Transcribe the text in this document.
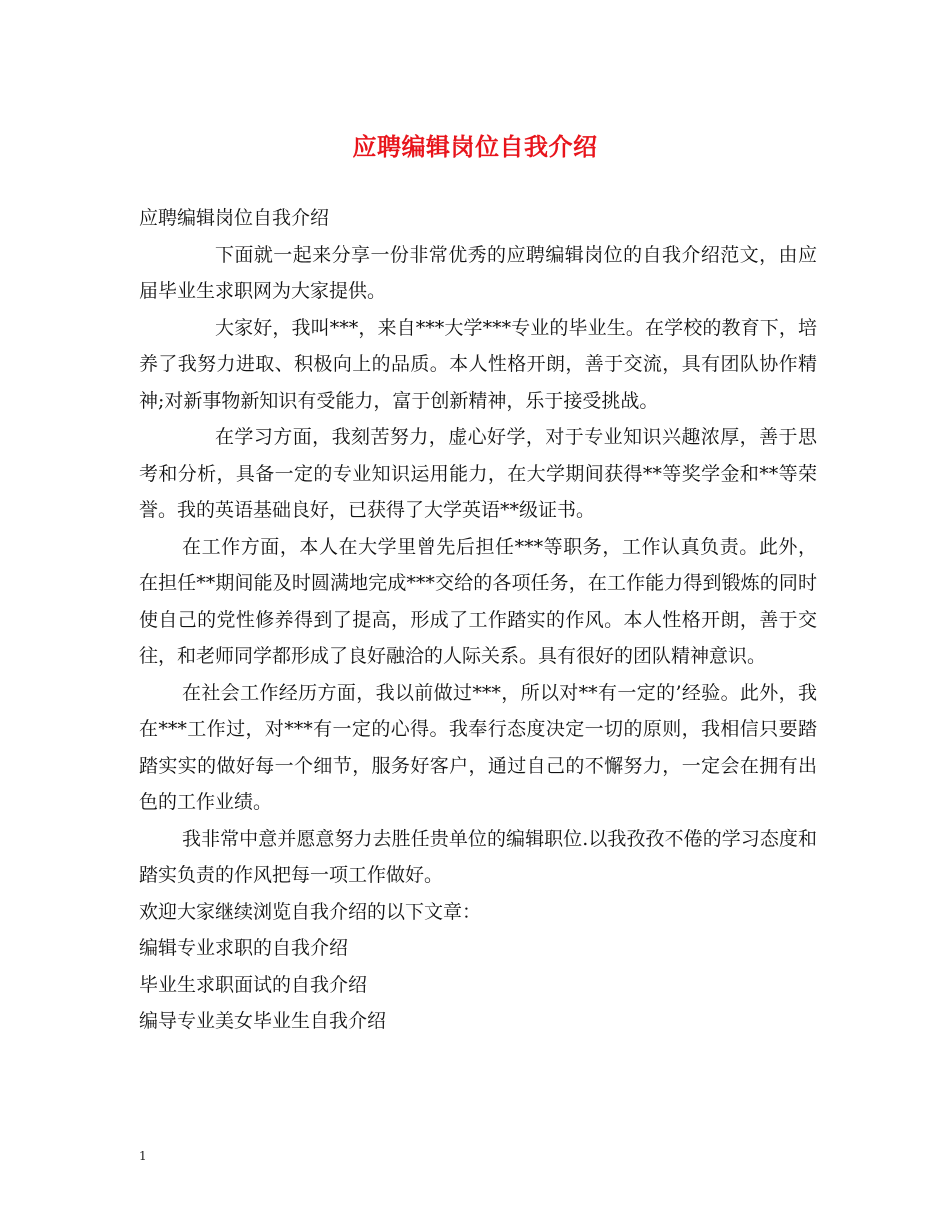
应聘编辑岗位自我介绍

应聘编辑岗位自我介绍

下面就一起来分享一份非常优秀的应聘编辑岗位的自我介绍范文，由应届毕业生求职网为大家提供。

大家好，我叫***，来自***大学***专业的毕业生。在学校的教育下，培养了我努力进取、积极向上的品质。本人性格开朗，善于交流，具有团队协作精神;对新事物新知识有受能力，富于创新精神，乐于接受挑战。

在学习方面，我刻苦努力，虚心好学，对于专业知识兴趣浓厚，善于思考和分析，具备一定的专业知识运用能力，在大学期间获得**等奖学金和**等荣誉。我的英语基础良好，已获得了大学英语**级证书。

在工作方面，本人在大学里曾先后担任***等职务，工作认真负责。此外，在担任**期间能及时圆满地完成***交给的各项任务，在工作能力得到锻炼的同时使自己的党性修养得到了提高，形成了工作踏实的作风。本人性格开朗，善于交往，和老师同学都形成了良好融洽的人际关系。具有很好的团队精神意识。

在社会工作经历方面，我以前做过***，所以对**有一定的’经验。此外，我在***工作过，对***有一定的心得。我奉行态度决定一切的原则，我相信只要踏踏实实的做好每一个细节，服务好客户，通过自己的不懈努力，一定会在拥有出色的工作业绩。

我非常中意并愿意努力去胜任贵单位的编辑职位.以我孜孜不倦的学习态度和踏实负责的作风把每一项工作做好。

欢迎大家继续浏览自我介绍的以下文章：

编辑专业求职的自我介绍

毕业生求职面试的自我介绍

编导专业美女毕业生自我介绍

1
